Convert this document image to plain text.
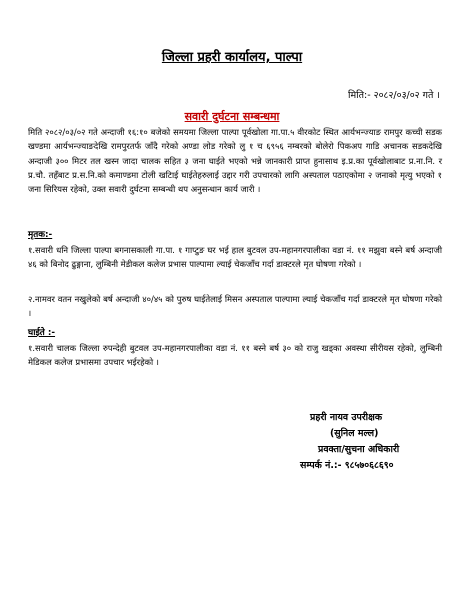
जिल्ला प्रहरी कार्यालय, पाल्पा
मिति:- २०८२/०३/०२ गते ।
सवारी दुर्घटना सम्बन्धमा
मिति २०८२/०३/०२ गते अन्दाजी १६:१० बजेको समयमा जिल्ला पाल्पा पूर्वखोला गा.पा.५ वीरकोट स्थित आर्यभन्ज्याङ रामपुर कच्ची सडक खण्डमा आर्यभन्ज्याङदेखि रामपुरतर्फ जाँदै गरेको अण्डा लोड गरेको लु १ च ६९५६ नम्बरको बोलेरो पिकअप गाडि अचानक सडकदेखि अन्दाजी ३०० मिटर तल खस्न जादा चालक सहित ३ जना घाईते भएको भन्ने जानकारी प्राप्त हुनासाथ इ.प्र.का पूर्वखोलाबाट प्र.ना.नि. र प्र.चौ. तहँबाट प्र.स.नि.को कमाण्डमा टोली खटिाई घाईतेहरुलाई उद्दार गरी उपचारको लागि अस्पताल पठाएकोमा २ जनाको मृत्यु भएको १ जना सिरियस रहेको, उक्त सवारी दुर्घटना सम्बन्धी थप अनुसन्धान कार्य जारी ।
मृतक:-
१.सवारी धनि जिल्ला पाल्पा बगनासकाली गा.पा. १ गाप्टुङ घर भई हाल बुटवल उप-महानगरपालीका वडा नं. ११ मझुवा बस्ने बर्ष अन्दाजी ४६ को बिनोद ढुङ्गाना, लुम्बिनी मेडीकल कलेज प्रभास पाल्पामा ल्याई चेकजाँच गर्दा डाक्टरले मृत घोषणा गरेको ।
२.नामवर वतन नखुलेको बर्ष अन्दाजी ४०/४५ को पुरुष घाईतेलाई मिसन अस्पताल पाल्पामा ल्याई चेकजाँच गर्दा डाक्टरले मृत घोषणा गरेको ।
घाईते :-
१.सवारी चालक जिल्ला रुपन्देही बुटवल उप-महानगरपालीका वडा नं. ११ बस्ने बर्ष ३० को राजु खड्का अवस्था सीरीयस रहेको, लुम्बिनी मेडिकल कलेज प्रभासमा उपचार भईरहेको ।
प्रहरी नायव उपरीक्षक
(सुनिल मल्ल)
प्रवक्ता/सुचना अधिकारी
सम्पर्क नं.:- ९८५७०६८६९०
